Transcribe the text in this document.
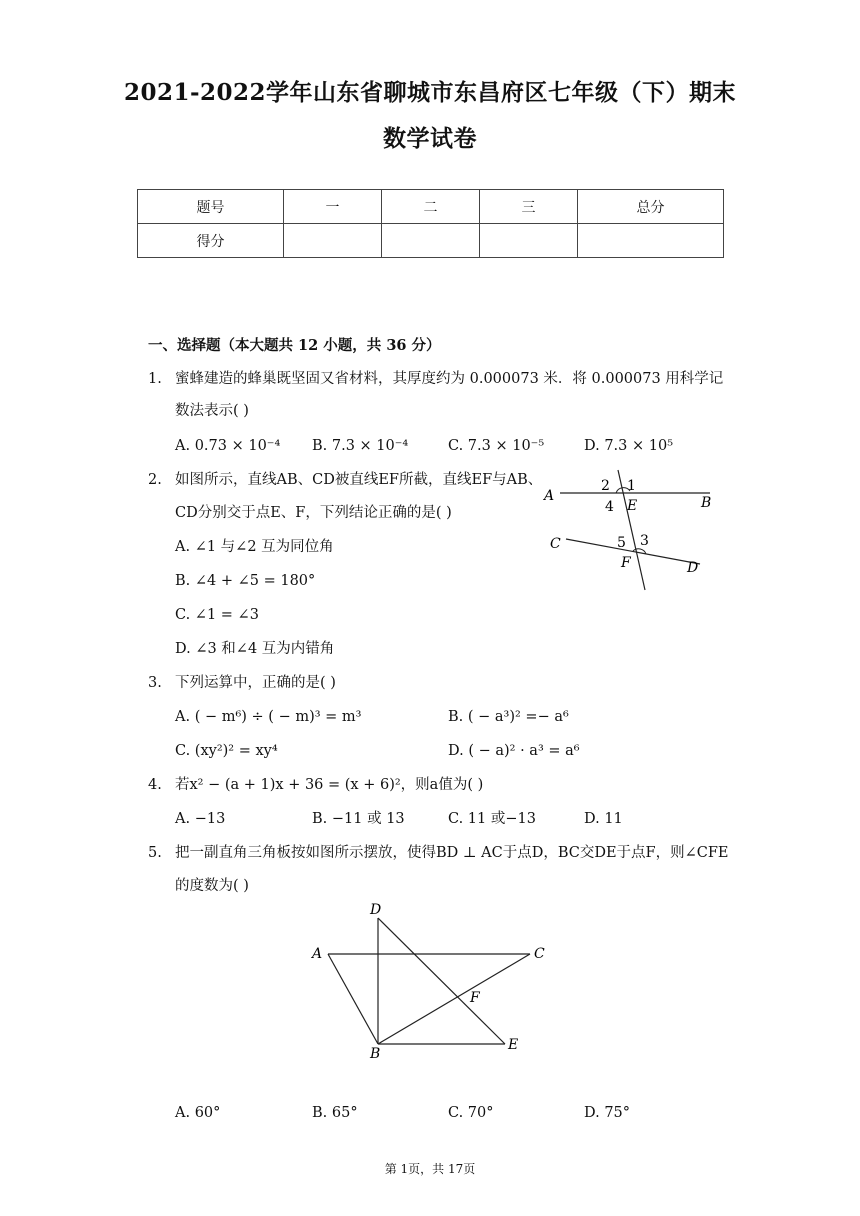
2021-2022学年山东省聊城市东昌府区七年级（下）期末
数学试卷
题号	一	二	三	总分
得分				
一、选择题（本大题共 12 小题，共 36 分）
1. 蜜蜂建造的蜂巢既坚固又省材料，其厚度约为 0.000073 米．将 0.000073 用科学记
数法表示( )
A. 0.73 × 10⁻⁴ B. 7.3 × 10⁻⁴	C. 7.3 × 10⁻⁵	D. 7.3 × 10⁵
2. 如图所示，直线AB、CD被直线EF所截，直线EF与AB、
CD分别交于点E、F，下列结论正确的是( )
A. ∠1 与∠2 互为同位角
B. ∠4 + ∠5 = 180°
C. ∠1 = ∠3
D. ∠3 和∠4 互为内错角
A	B
C
D
E
F
1
2
3
4
5
3. 下列运算中，正确的是( )
A. ( − m⁶) ÷ ( − m)³ = m³	B. ( − a³)² =− a⁶
C. (xy²)² = xy⁴	D. ( − a)² · a³ = a⁶
4. 若x² − (a + 1)x + 36 = (x + 6)²，则a值为( )
A. −13	B. −11 或 13	C. 11 或−13	D. 11
5. 把一副直角三角板按如图所示摆放，使得BD ⊥ AC于点D，BC交DE于点F，则∠CFE
的度数为( )
A	C
D
B
E
F
A. 60°	B. 65°	C. 70°	D. 75°
第 1页，共 17页
